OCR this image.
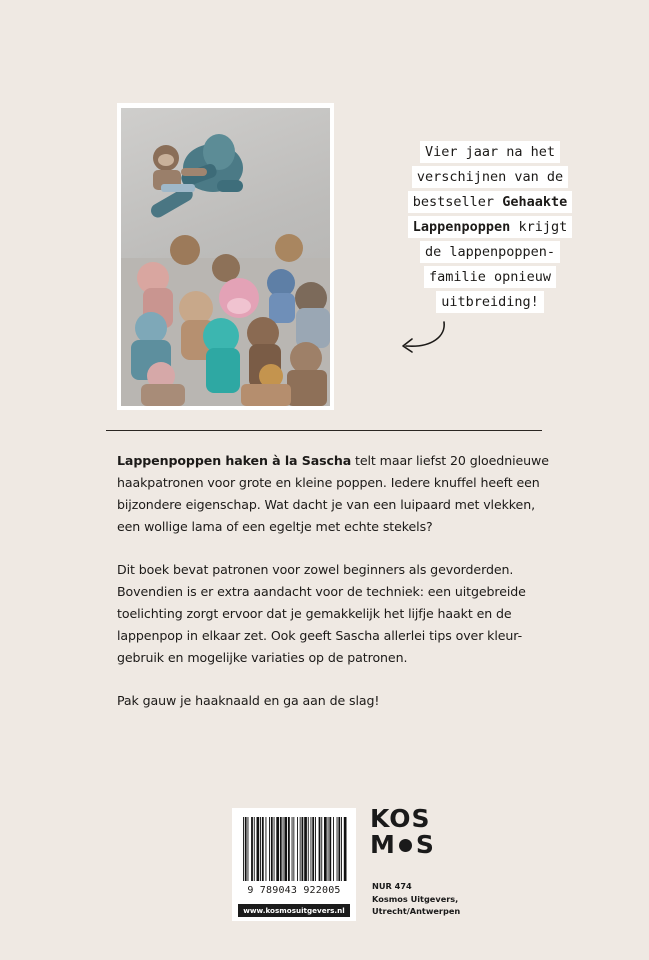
Vier jaar na het
verschijnen van de
bestseller Gehaakte
Lappenpoppen krijgt
de lappenpoppen-
familie opnieuw
uitbreiding!

Lappenpoppen haken à la Sascha telt maar liefst 20 gloednieuwe
haakpatronen voor grote en kleine poppen. Iedere knuffel heeft een
bijzondere eigenschap. Wat dacht je van een luipaard met vlekken,
een wollige lama of een egeltje met echte stekels?

Dit boek bevat patronen voor zowel beginners als gevorderden.
Bovendien is er extra aandacht voor de techniek: een uitgebreide
toelichting zorgt ervoor dat je gemakkelijk het lijfje haakt en de
lappenpop in elkaar zet. Ook geeft Sascha allerlei tips over kleur-
gebruik en mogelijke variaties op de patronen.

Pak gauw je haaknaald en ga aan de slag!

9 789043 922005
www.kosmosuitgevers.nl
KOS
M S
NUR 474
Kosmos Uitgevers,
Utrecht/Antwerpen
